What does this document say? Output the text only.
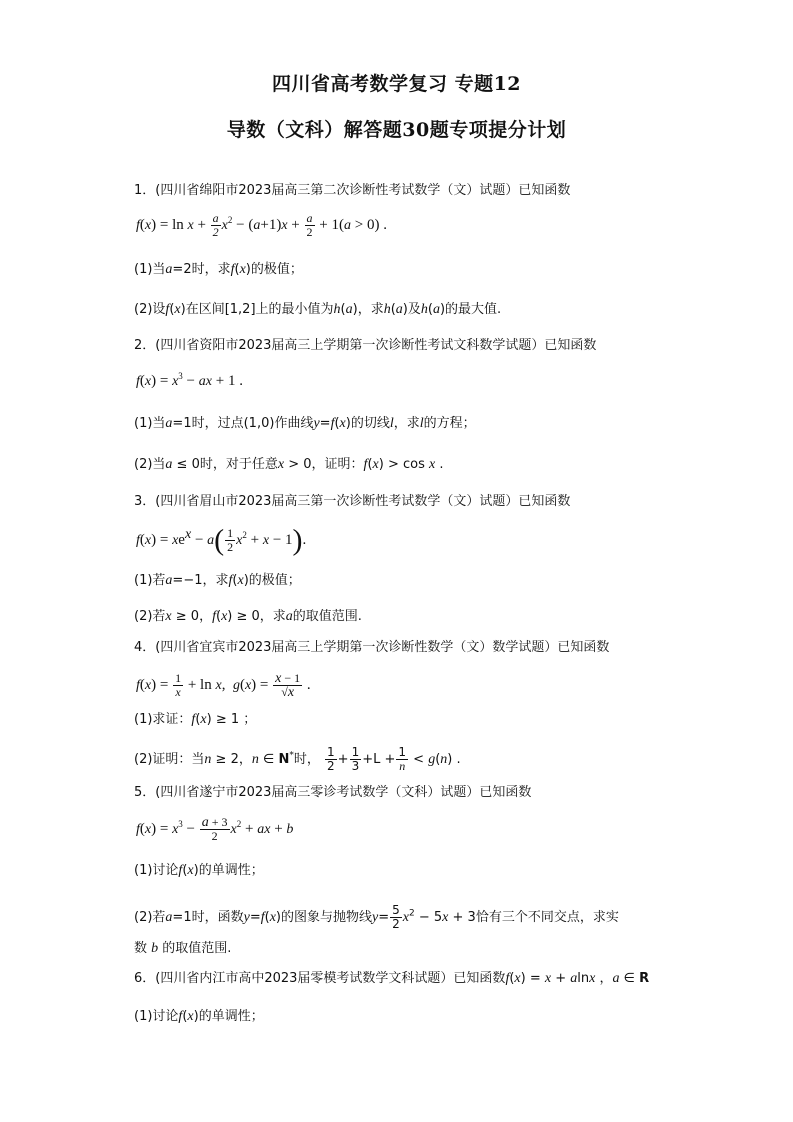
四川省高考数学复习 专题12
导数（文科）解答题30题专项提分计划
1．(四川省绵阳市2023届高三第二次诊断性考试数学（文）试题）已知函数
$f(x) = \ln x + \frac{a}{2} x^2 - (a+1)x + \frac{a}{2} + 1(a > 0)$ .
(1)当a=2时，求f(x)的极值；
(2)设f(x)在区间[1,2]上的最小值为h(a)，求h(a)及h(a)的最大值.
2．(四川省资阳市2023届高三上学期第一次诊断性考试文科数学试题）已知函数
$f(x) = x^3$ − ax + 1 .
(1)当a=1时，过点(1,0)作曲线y=f(x)的切线l，求l的方程；
(2)当a ≤ 0时，对于任意x > 0，证明：f(x) > cos x .
3．(四川省眉山市2023届高三第一次诊断性考试数学（文）试题）已知函数
$f(x) = xe^x - a( \frac{1}{2} x^2 + x - 1)$.
(1)若a=−1，求f(x)的极值；
(2)若x ≥ 0，f(x) ≥ 0，求a的取值范围.
4．(四川省宜宾市2023届高三上学期第一次诊断性数学（文）数学试题）已知函数
$f(x) = \frac{1}{x} + \ln x$,  $g(x) = \frac{x - 1}{√x}$ .
(1)求证：f(x) ≥ 1 ；
(2)证明：当n ≥ 2，n ∈ N*时， $\frac{1}{2} + \frac{1}{3} +L + \frac{1}{n} < g(n)$ .
5．(四川省遂宁市2023届高三零诊考试数学（文科）试题）已知函数
$f(x) = x^3 - \frac{a + 3}{2} x^2$ + ax + b
(1)讨论f(x)的单调性；
(2)若a=1时，函数y=f(x)的图象与抛物线$y= \frac{5}{2} x^2 - 5x + 3$恰有三个不同交点，求实
数 b 的取值范围.
6．(四川省内江市高中2023届零模考试数学文科试题）已知函数f(x) = x + alnx ，a ∈ R
(1)讨论f(x)的单调性；
